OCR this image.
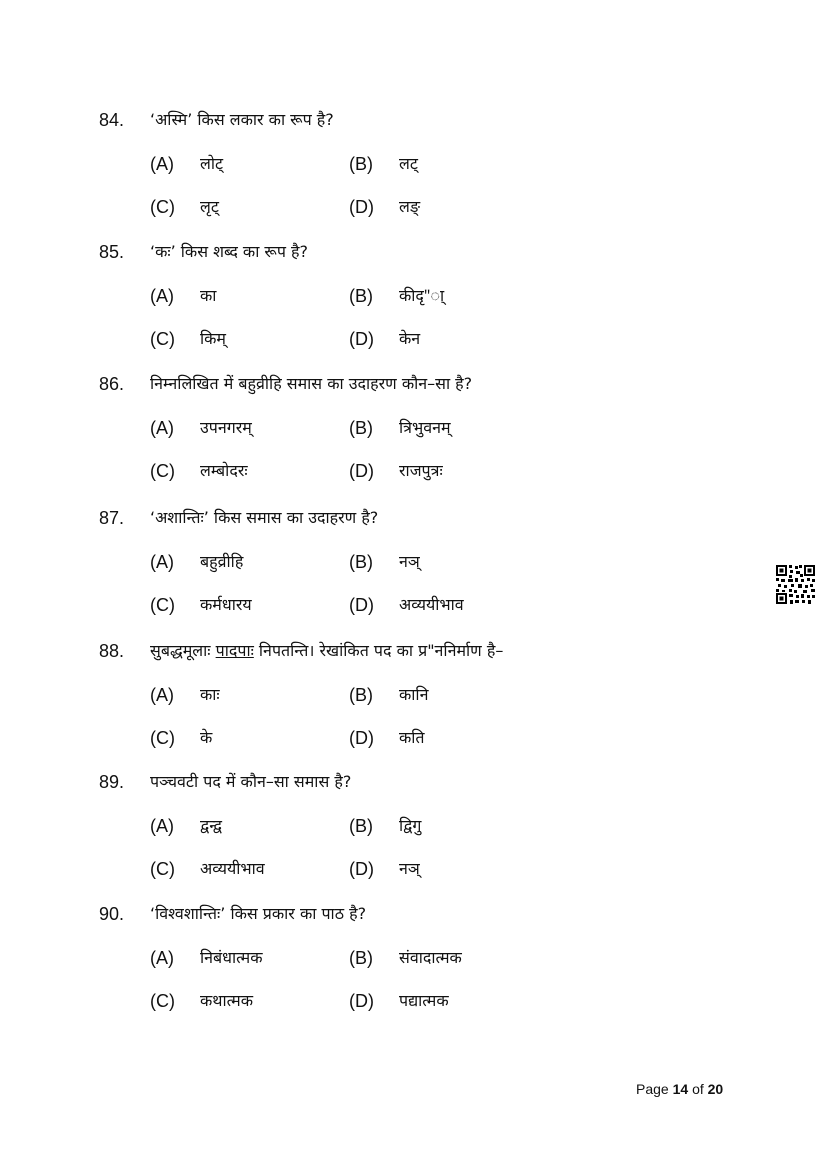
84. ‘अस्मि’ किस लकार का रूप है?
(A) लोट्	(B) लट्
(C) लृट्	(D) लङ्
85. ‘कः’ किस शब्द का रूप है?
(A) का	(B) कीदृ"ा्
(C) किम्	(D) केन
86. निम्नलिखित में बहुव्रीहि समास का उदाहरण कौन–सा है?
(A) उपनगरम्	(B) त्रिभुवनम्
(C) लम्बोदरः	(D) राजपुत्रः
87. ‘अशान्तिः’ किस समास का उदाहरण है?
(A) बहुव्रीहि	(B) नञ्
(C) कर्मधारय	(D) अव्ययीभाव
88. सुबद्धमूलाः पादपाः निपतन्ति। रेखांकित पद का प्र"ननिर्माण है–
(A) काः	(B) कानि
(C) के	(D) कति
89. पञ्चवटी पद में कौन–सा समास है?
(A) द्वन्द्व	(B) द्विगु
(C) अव्ययीभाव	(D) नञ्
90. ‘विश्वशान्तिः’ किस प्रकार का पाठ है?
(A) निबंधात्मक	(B) संवादात्मक
(C) कथात्मक	(D) पद्यात्मक
Page 14 of 20
